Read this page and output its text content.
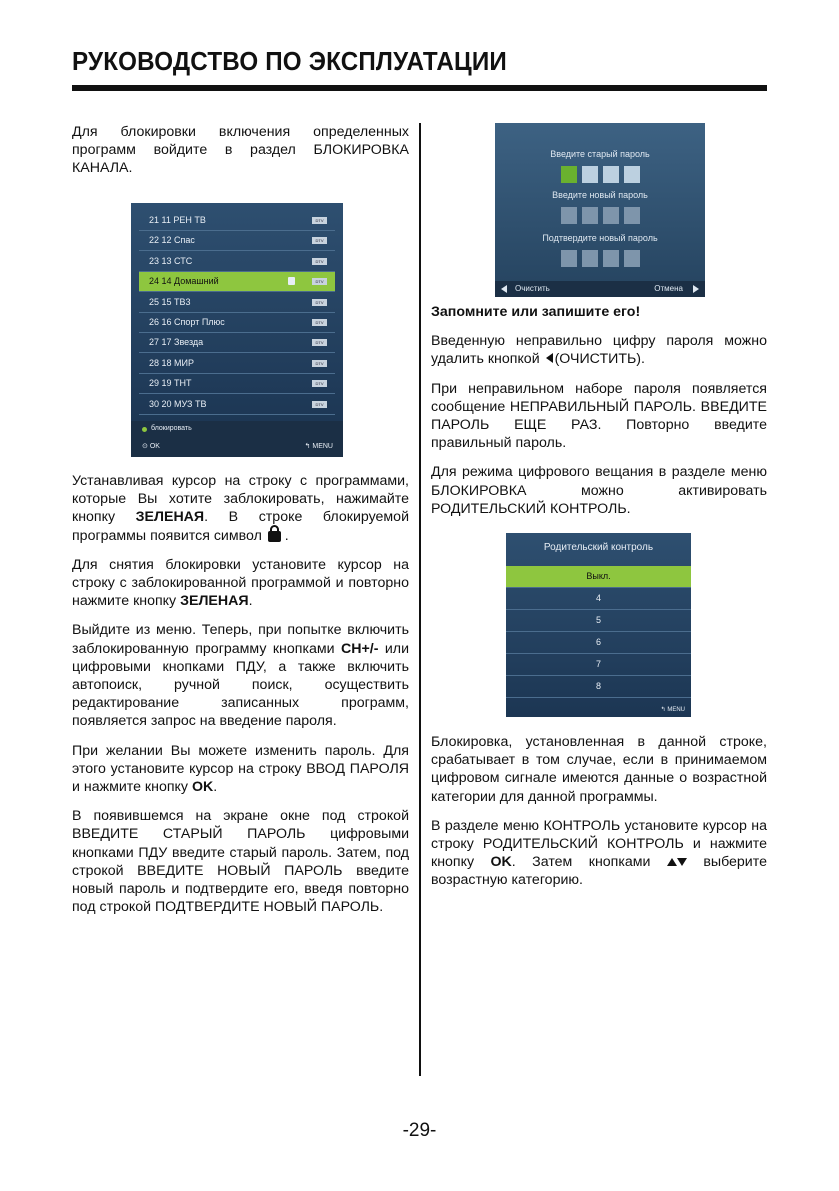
РУКОВОДСТВО ПО ЭКСПЛУАТАЦИИ

Для блокировки включения определенных программ войдите в раздел БЛОКИРОВКА КАНАЛА.

21 11 РЕН ТВ	DTV
22 12 Спас	DTV
23 13 СТС	DTV
24 14 Домашний	DTV
25 15 ТВ3	DTV
26 16 Спорт Плюс	DTV
27 17 Звезда	DTV
28 18 МИР	DTV
29 19 ТНТ	DTV
30 20 МУЗ ТВ	DTV
блокировать
⊙ OK	↰ MENU

Устанавливая курсор на строку с программами, которые Вы хотите заблокировать, нажимайте кнопку ЗЕЛЕНАЯ. В строке блокируемой программы появится символ  .

Для снятия блокировки установите курсор на строку с заблокированной программой и повторно нажмите кнопку ЗЕЛЕНАЯ.

Выйдите из меню. Теперь, при попытке включить заблокированную программу кнопками CH+/- или цифровыми кнопками ПДУ, а также включить автопоиск, ручной поиск, осуществить редактирование записанных программ, появляется запрос на введение пароля.

При желании Вы можете изменить пароль. Для этого установите курсор на строку ВВОД ПАРОЛЯ и нажмите кнопку OK.

В появившемся на экране окне под строкой ВВЕДИТЕ СТАРЫЙ ПАРОЛЬ цифровыми кнопками ПДУ введите старый пароль. Затем, под строкой ВВЕДИТЕ НОВЫЙ ПАРОЛЬ введите новый пароль и подтвердите его, введя повторно под строкой ПОДТВЕРДИТЕ НОВЫЙ ПАРОЛЬ.

Введите старый пароль
Введите новый пароль
Подтвердите новый пароль
Очистить	Отмена

Запомните или запишите его!

Введенную неправильно цифру пароля можно удалить кнопкой (ОЧИСТИТЬ).

При неправильном наборе пароля появляется сообщение НЕПРАВИЛЬНЫЙ ПАРОЛЬ. ВВЕДИТЕ ПАРОЛЬ ЕЩЕ РАЗ. Повторно введите правильный пароль.

Для режима цифрового вещания в разделе меню БЛОКИРОВКА можно активировать РОДИТЕЛЬСКИЙ КОНТРОЛЬ.

Родительский контроль
Выкл.
4
5
6
7
8
↰ MENU

Блокировка, установленная в данной строке, срабатывает в том случае, если в принимаемом цифровом сигнале имеются данные о возрастной категории для данной программы.

В разделе меню КОНТРОЛЬ установите курсор на строку РОДИТЕЛЬСКИЙ КОНТРОЛЬ и нажмите кнопку OK. Затем кнопками	выберите возрастную категорию.

-29-
